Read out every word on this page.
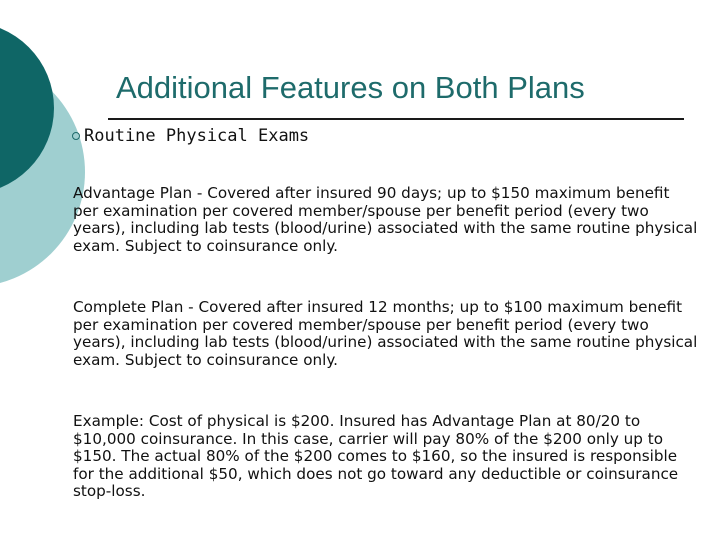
Additional Features on Both Plans
Routine Physical Exams

Advantage Plan - Covered after insured 90 days; up to $150 maximum benefit per examination per covered member/spouse per benefit period (every two years), including lab tests (blood/urine) associated with the same routine physical exam. Subject to coinsurance only.

Complete Plan - Covered after insured 12 months; up to $100 maximum benefit per examination per covered member/spouse per benefit period (every two years), including lab tests (blood/urine) associated with the same routine physical exam. Subject to coinsurance only.

Example: Cost of physical is $200. Insured has Advantage Plan at 80/20 to $10,000 coinsurance. In this case, carrier will pay 80% of the $200 only up to $150. The actual 80% of the $200 comes to $160, so the insured is responsible for the additional $50, which does not go toward any deductible or coinsurance stop-loss.
